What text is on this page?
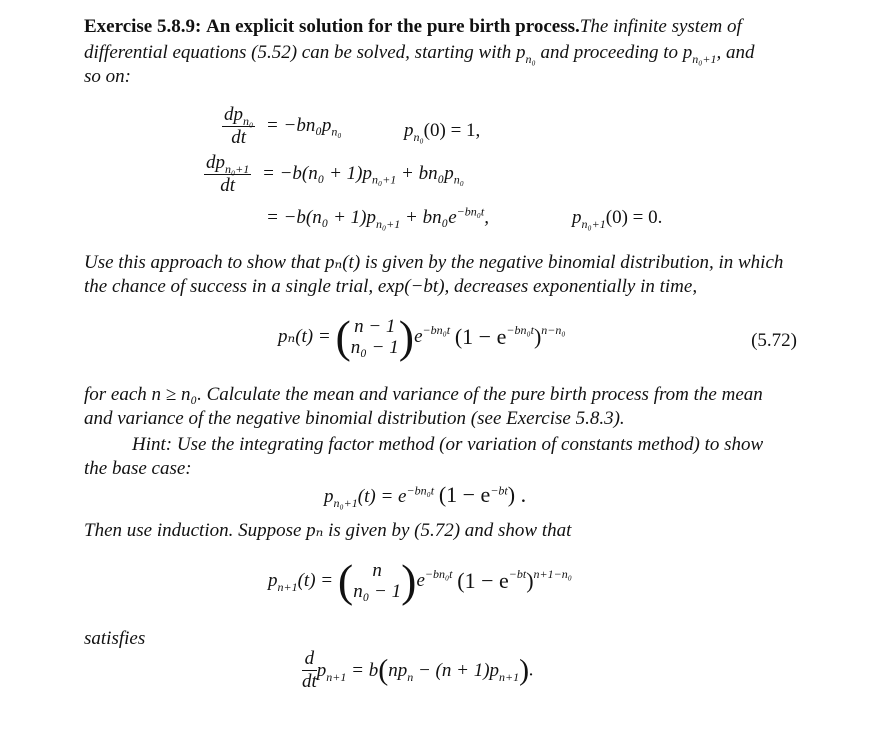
Exercise 5.8.9: An explicit solution for the pure birth process.The infinite system of
differential equations (5.52) can be solved, starting with $p_{n_0}$ and proceeding to $p_{n_0+1}$, and
so on:
$\frac{dp_{n_0}}{dt} = -bn_0p_{n_0}$	$p_{n_0}(0) = 1$,
$\frac{dp_{n_0+1}}{dt} = -b(n_0 + 1)p_{n_0+1} + bn_0p_{n_0}$
= $-b(n_0 + 1)p_{n_0+1} + bn_0e^{-bn_0t}$,	$p_{n_0+1}(0) = 0$.
Use this approach to show that pₙ(t) is given by the negative binomial distribution, in which
the chance of success in a single trial, exp(−bt), decreases exponentially in time,
pₙ(t) = ( n − 1
n₀ − 1 )$e^{-bn_0t}$ $(1 - e^{-bn_0t})^{n-n_0}$	(5.72)
for each n ≥ n₀. Calculate the mean and variance of the pure birth process from the mean
and variance of the negative binomial distribution (see Exercise 5.8.3).
Hint: Use the integrating factor method (or variation of constants method) to show
the base case:
$p_{n_0+1}(t) = e^{-bn_0t}$ $(1 - e^{-bt})$ .
Then use induction. Suppose pₙ is given by (5.72) and show that
$p_{n+1}(t)$ = (	n
n₀ − 1 )$e^{-bn_0t}$ $(1 - e^{-bt})^{n+1-n_0}$
satisfies
$\frac{d}{dt} p_{n+1} = b(np_n - (n + 1)p_{n+1})$.
